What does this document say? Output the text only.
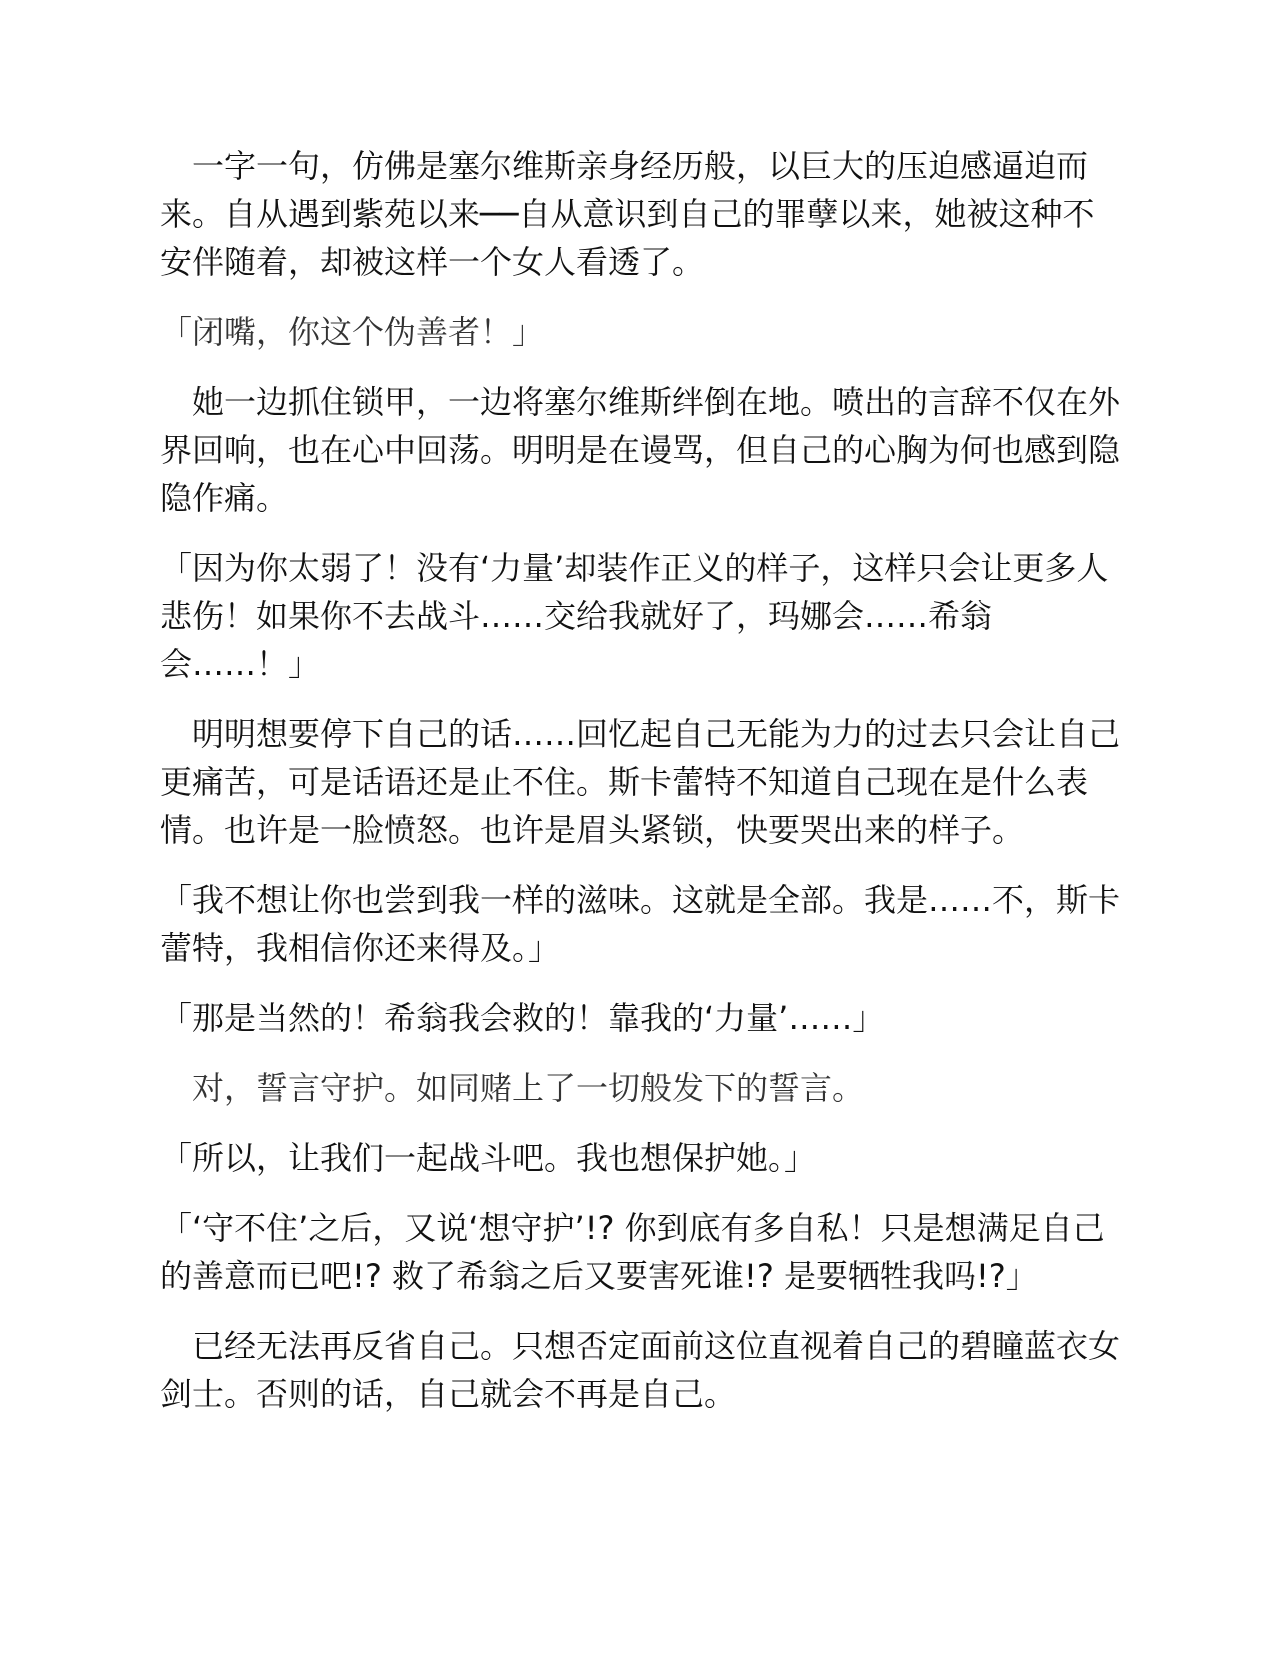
一字一句，仿佛是塞尔维斯亲身经历般，以巨大的压迫感逼迫而来。自从遇到紫苑以来──自从意识到自己的罪孽以来，她被这种不安伴随着，却被这样一个女人看透了。

「闭嘴，你这个伪善者！」

她一边抓住锁甲，一边将塞尔维斯绊倒在地。喷出的言辞不仅在外界回响，也在心中回荡。明明是在谩骂，但自己的心胸为何也感到隐隐作痛。

「因为你太弱了！没有‘力量’却装作正义的样子，这样只会让更多人悲伤！如果你不去战斗……交给我就好了，玛娜会……希翁会……！」

明明想要停下自己的话……回忆起自己无能为力的过去只会让自己更痛苦，可是话语还是止不住。斯卡蕾特不知道自己现在是什么表情。也许是一脸愤怒。也许是眉头紧锁，快要哭出来的样子。

「我不想让你也尝到我一样的滋味。这就是全部。我是……不，斯卡蕾特，我相信你还来得及。」

「那是当然的！希翁我会救的！靠我的‘力量’……」

对，誓言守护。如同赌上了一切般发下的誓言。

「所以，让我们一起战斗吧。我也想保护她。」

「‘守不住’之后，又说‘想守护’!? 你到底有多自私！只是想满足自己的善意而已吧!? 救了希翁之后又要害死谁!? 是要牺牲我吗!?」

已经无法再反省自己。只想否定面前这位直视着自己的碧瞳蓝衣女剑士。否则的话，自己就会不再是自己。
